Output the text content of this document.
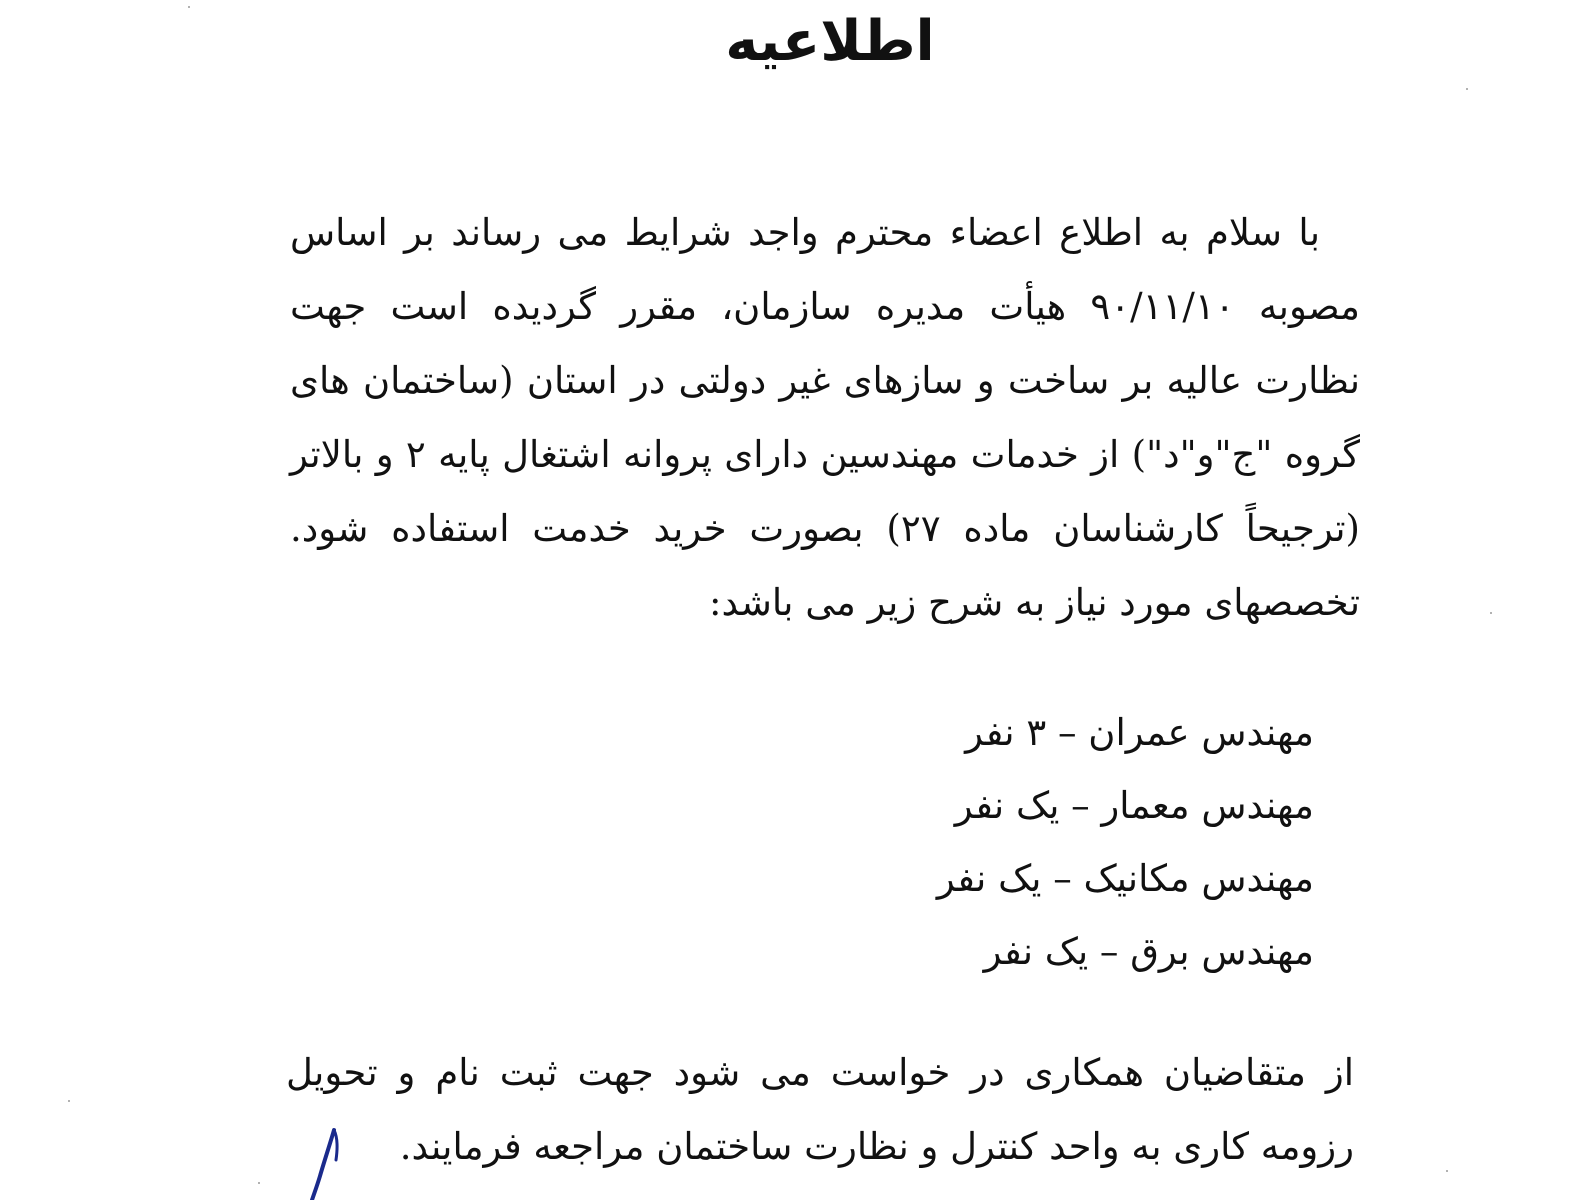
اطلاعیه

با سلام به اطلاع اعضاء محترم واجد شرایط می رساند بر اساس مصوبه ۹۰/۱۱/۱۰ هیأت مدیره سازمان، مقرر گردیده است جهت نظارت عالیه بر ساخت و سازهای غیر دولتی در استان (ساختمان های گروه "ج"و"د") از خدمات مهندسین دارای پروانه اشتغال پایه ۲ و بالاتر (ترجیحاً کارشناسان ماده ۲۷) بصورت خرید خدمت استفاده شود. تخصصهای مورد نیاز به شرح زیر می باشد:

مهندس عمران – ۳ نفر
مهندس معمار – یک نفر
مهندس مکانیک – یک نفر
مهندس برق – یک نفر

از متقاضیان همکاری در خواست می شود جهت ثبت نام و تحویل رزومه کاری به واحد کنترل و نظارت ساختمان مراجعه فرمایند.
